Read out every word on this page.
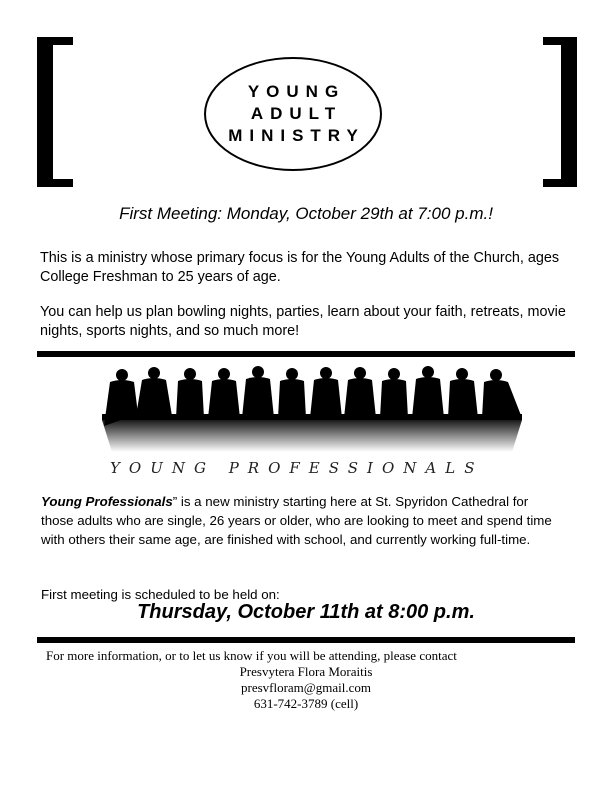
YOUNG
ADULT
MINISTRY
First Meeting: Monday, October 29th at 7:00 p.m.!
This is a ministry whose primary focus is for the Young Adults of the Church, ages College Freshman to 25 years of age.
You can help us plan bowling nights, parties, learn about your faith, retreats, movie nights, sports nights, and so much more!
YOUNG PROFESSIONALS
Young Professionals” is a new ministry starting here at St. Spyridon Cathedral for those adults who are single, 26 years or older, who are looking to meet and spend time with others their same age, are finished with school, and currently working full-time.
First meeting is scheduled to be held on:
Thursday, October 11th at 8:00 p.m.
For more information, or to let us know if you will be attending, please contact
Presvytera Flora Moraitis
presvfloram@gmail.com
631-742-3789 (cell)
